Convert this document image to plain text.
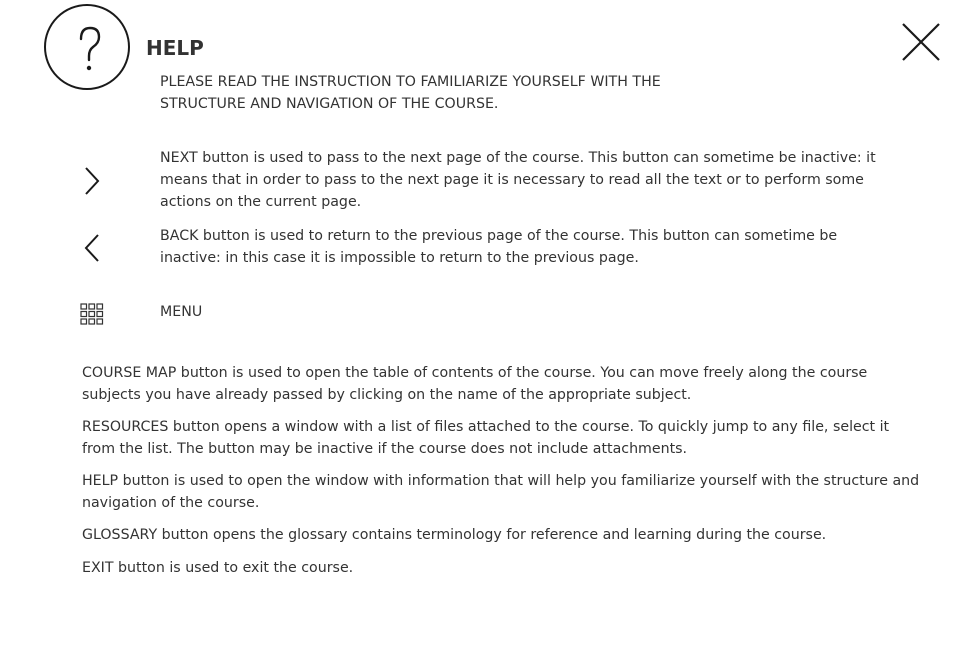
HELP
PLEASE READ THE INSTRUCTION TO FAMILIARIZE YOURSELF WITH THE STRUCTURE AND NAVIGATION OF THE COURSE.
NEXT button is used to pass to the next page of the course. This button can sometime be inactive: it means that in order to pass to the next page it is necessary to read all the text or to perform some actions on the current page.
BACK button is used to return to the previous page of the course. This button can sometime be inactive: in this case it is impossible to return to the previous page.
MENU
COURSE MAP button is used to open the table of contents of the course. You can move freely along the course subjects you have already passed by clicking on the name of the appropriate subject.
RESOURCES button opens a window with a list of files attached to the course. To quickly jump to any file, select it from the list. The button may be inactive if the course does not include attachments.
HELP button is used to open the window with information that will help you familiarize yourself with the structure and navigation of the course.
GLOSSARY button opens the glossary contains terminology for reference and learning during the course.
EXIT button is used to exit the course.
